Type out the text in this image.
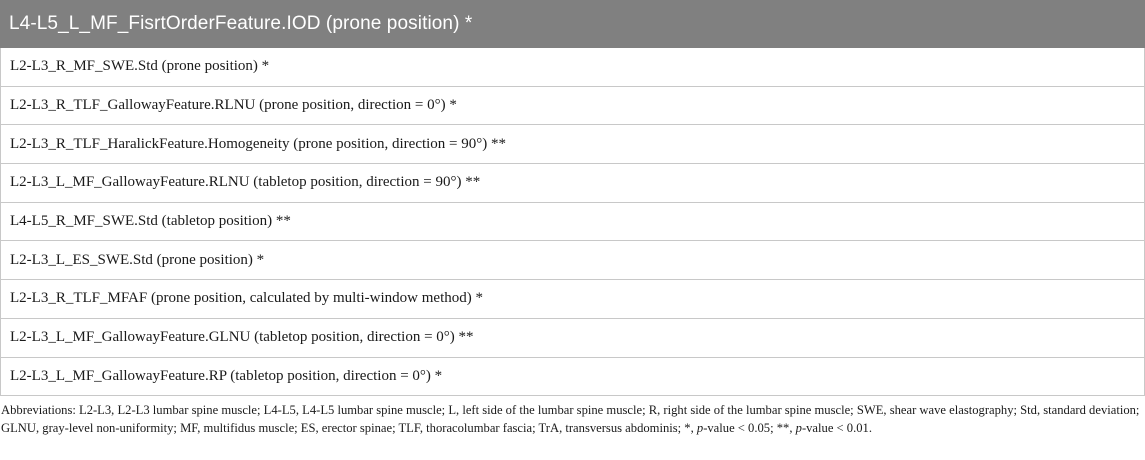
L4-L5_L_MF_FisrtOrderFeature.IOD (prone position) *
L2-L3_R_MF_SWE.Std (prone position) *
L2-L3_R_TLF_GallowayFeature.RLNU (prone position, direction = 0°) *
L2-L3_R_TLF_HaralickFeature.Homogeneity (prone position, direction = 90°) **
L2-L3_L_MF_GallowayFeature.RLNU (tabletop position, direction = 90°) **
L4-L5_R_MF_SWE.Std (tabletop position) **
L2-L3_L_ES_SWE.Std (prone position) *
L2-L3_R_TLF_MFAF (prone position, calculated by multi-window method) *
L2-L3_L_MF_GallowayFeature.GLNU (tabletop position, direction = 0°) **
L2-L3_L_MF_GallowayFeature.RP (tabletop position, direction = 0°) *
Abbreviations: L2-L3, L2-L3 lumbar spine muscle; L4-L5, L4-L5 lumbar spine muscle; L, left side of the lumbar spine muscle; R, right side of the lumbar spine muscle; SWE, shear wave elastography; Std, standard deviation; GLNU, gray-level non-uniformity; MF, multifidus muscle; ES, erector spinae; TLF, thoracolumbar fascia; TrA, transversus abdominis; *, p-value < 0.05; **, p-value < 0.01.
